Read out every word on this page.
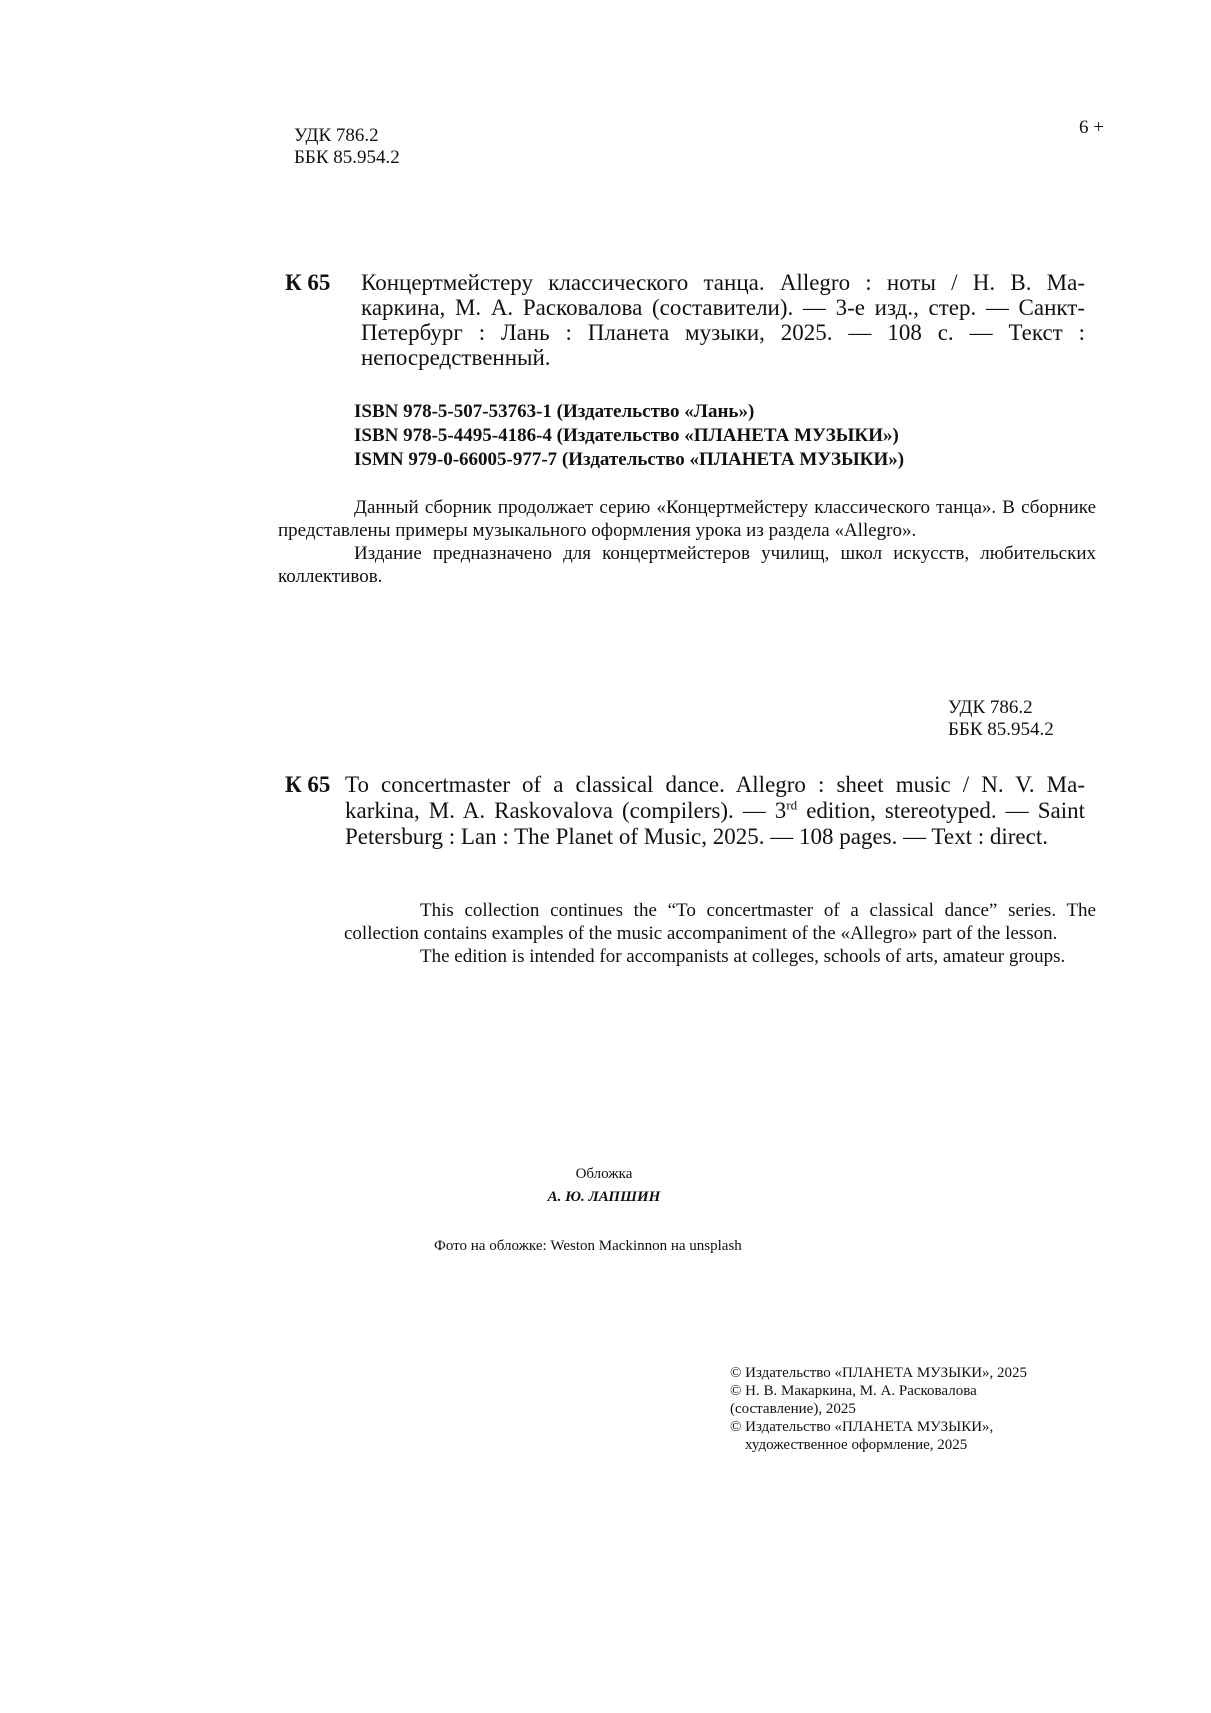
УДК 786.2
ББК 85.954.2
6 +
К 65	Концертмейстеру классического танца. Allegro : ноты / Н. В. Ма-
каркина, М. А. Расковалова (составители). — 3-е изд., стер. — Санкт-Петербург : Лань : Планета музыки, 2025. — 108 с. — Текст : непосредственный.
ISBN 978-5-507-53763-1 (Издательство «Лань»)
ISBN 978-5-4495-4186-4 (Издательство «ПЛАНЕТА МУЗЫКИ»)
ISMN 979-0-66005-977-7 (Издательство «ПЛАНЕТА МУЗЫКИ»)
Данный сборник продолжает серию «Концертмейстеру классического танца». В сборнике представлены примеры музыкального оформления урока из раздела «Allegro».
Издание предназначено для концертмейстеров училищ, школ искусств, любительских коллективов.
УДК 786.2
ББК 85.954.2
К 65 To concertmaster of a classical dance. Allegro : sheet music / N. V. Ma-
karkina, M. A. Raskovalova (compilers). — 3rd edition, stereotyped. — Saint Petersburg : Lan : The Planet of Music, 2025. — 108 pages. — Text : direct.
This collection continues the “To concertmaster of a classical dance” series. The collection contains examples of the music accompaniment of the «Allegro» part of the lesson.
The edition is intended for accompanists at colleges, schools of arts, amateur groups.
Обложка
А. Ю. ЛАПШИН
Фото на обложке: Weston Mackinnon на unsplash
© Издательство «ПЛАНЕТА МУЗЫКИ», 2025
© Н. В. Макаркина, М. А. Расковалова
(составление), 2025
© Издательство «ПЛАНЕТА МУЗЫКИ»,
художественное оформление, 2025
